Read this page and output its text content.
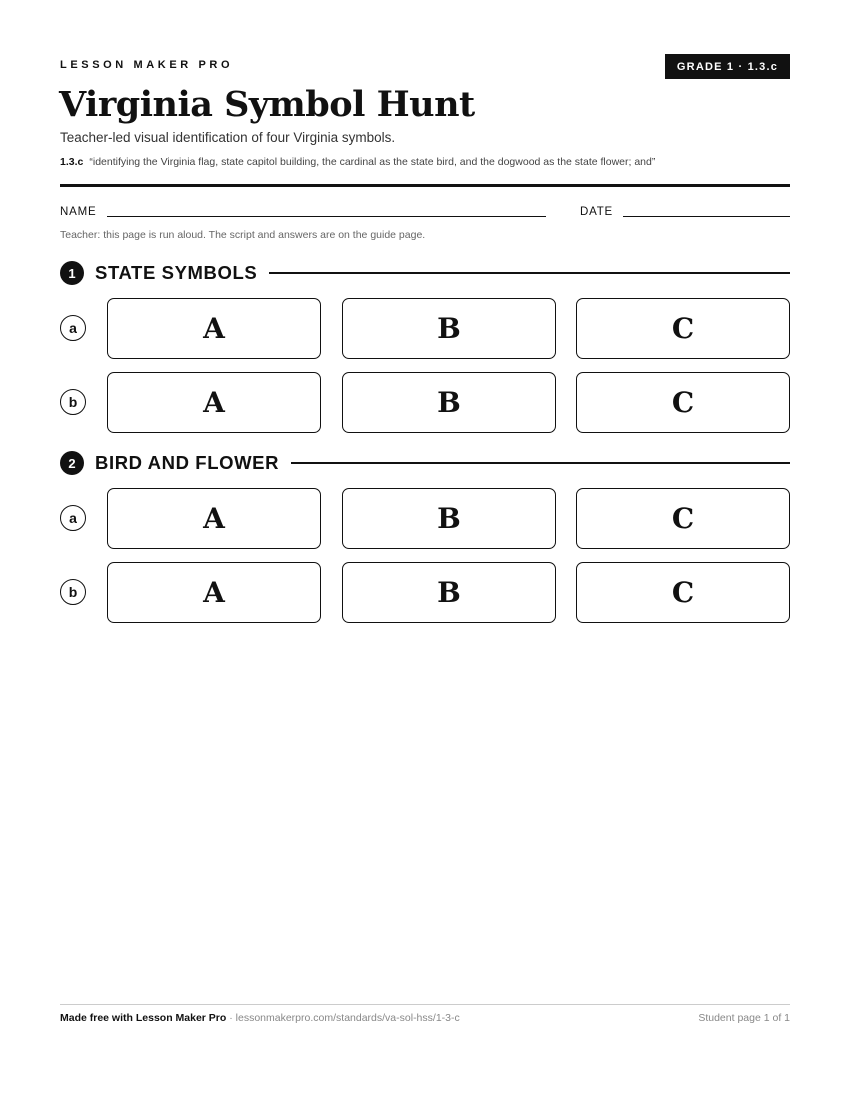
LESSON MAKER PRO	GRADE 1 · 1.3.c
Virginia Symbol Hunt
Teacher-led visual identification of four Virginia symbols.
1.3.c “identifying the Virginia flag, state capitol building, the cardinal as the state bird, and the dogwood as the state flower; and”
NAME	DATE
Teacher: this page is run aloud. The script and answers are on the guide page.
1	STATE SYMBOLS
a	A	B	C
b	A	B	C
2	BIRD AND FLOWER
a	A	B	C
b	A	B	C
Made free with Lesson Maker Pro · lessonmakerpro.com/standards/va-sol-hss/1-3-c	Student page 1 of 1
